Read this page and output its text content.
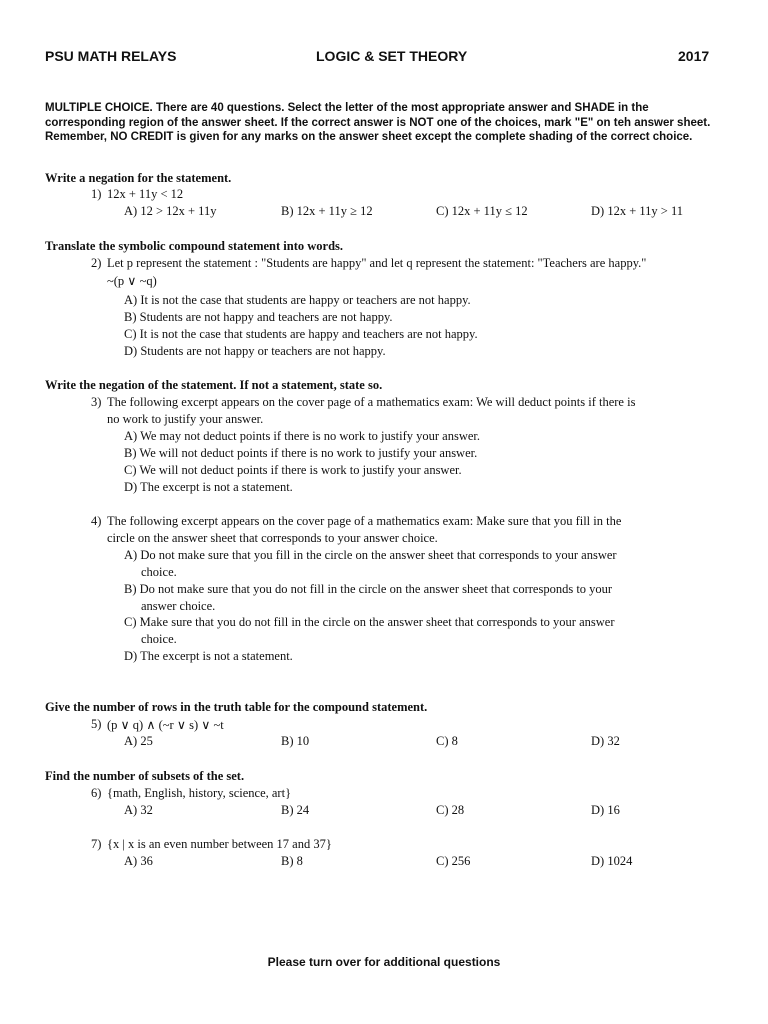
PSU MATH RELAYS	LOGIC & SET THEORY	2017
MULTIPLE CHOICE. There are 40 questions. Select the letter of the most appropriate answer and SHADE in the corresponding region of the answer sheet. If the correct answer is NOT one of the choices, mark "E" on teh answer sheet. Remember, NO CREDIT is given for any marks on the answer sheet except the complete shading of the correct choice.
Write a negation for the statement.
1) 12x + 11y < 12
A) 12 > 12x + 11y	B) 12x + 11y ≥ 12	C) 12x + 11y ≤ 12	D) 12x + 11y > 11
Translate the symbolic compound statement into words.
2) Let p represent the statement : "Students are happy" and let q represent the statement: "Teachers are happy."
~(p ∨ ~q)
A) It is not the case that students are happy or teachers are not happy.
B) Students are not happy and teachers are not happy.
C) It is not the case that students are happy and teachers are not happy.
D) Students are not happy or teachers are not happy.
Write the negation of the statement. If not a statement, state so.
3) The following excerpt appears on the cover page of a mathematics exam: We will deduct points if there is
no work to justify your answer.
A) We may not deduct points if there is no work to justify your answer.
B) We will not deduct points if there is no work to justify your answer.
C) We will not deduct points if there is work to justify your answer.
D) The excerpt is not a statement.
4) The following excerpt appears on the cover page of a mathematics exam: Make sure that you fill in the
circle on the answer sheet that corresponds to your answer choice.
A) Do not make sure that you fill in the circle on the answer sheet that corresponds to your answer
choice.
B) Do not make sure that you do not fill in the circle on the answer sheet that corresponds to your
answer choice.
C) Make sure that you do not fill in the circle on the answer sheet that corresponds to your answer
choice.
D) The excerpt is not a statement.
Give the number of rows in the truth table for the compound statement.
5) (p ∨ q) ∧ (~r ∨ s) ∨ ~t
A) 25	B) 10	C) 8	D) 32
Find the number of subsets of the set.
6) {math, English, history, science, art}
A) 32	B) 24	C) 28	D) 16
7) {x | x is an even number between 17 and 37}
A) 36	B) 8	C) 256	D) 1024
Please turn over for additional questions
